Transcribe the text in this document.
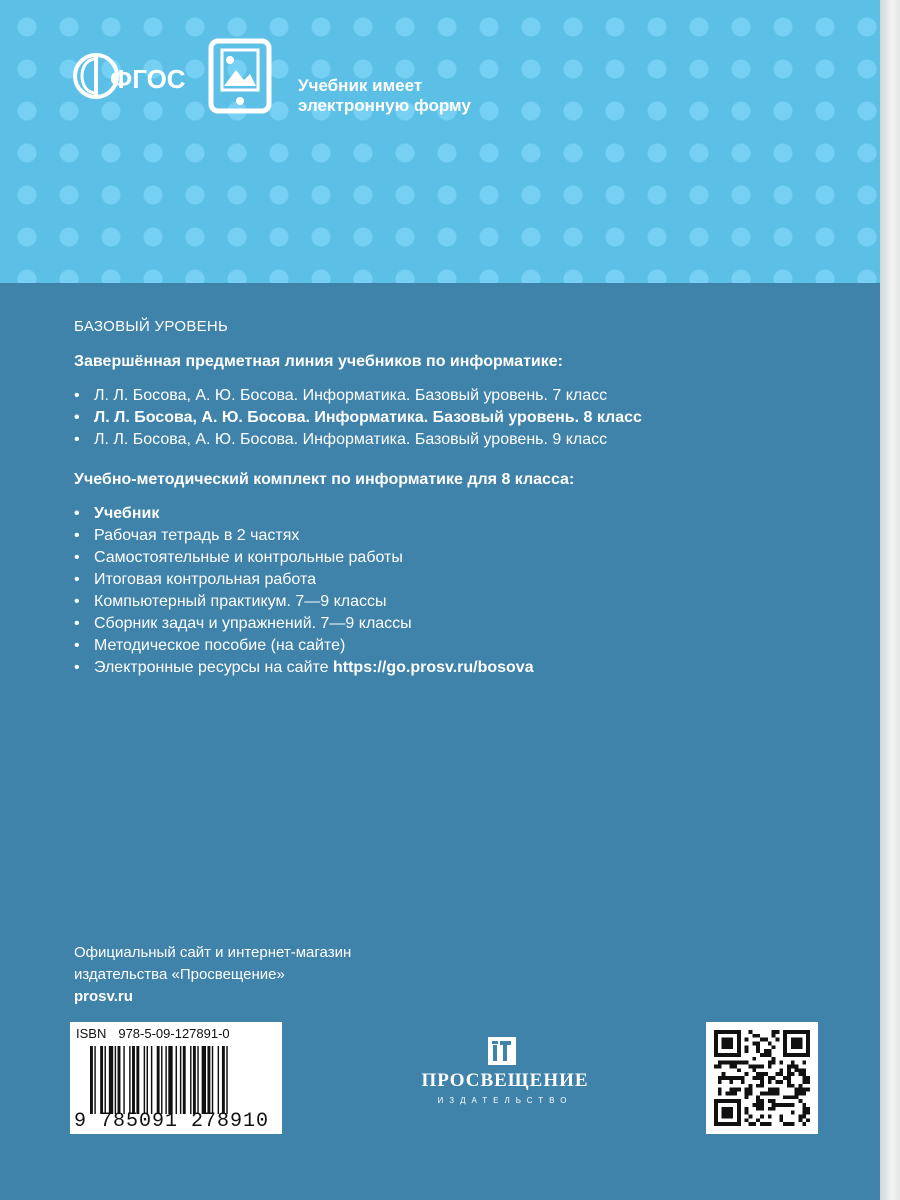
ФГОС	Учебник имеет
электронную форму
БАЗОВЫЙ УРОВЕНЬ
Завершённая предметная линия учебников по информатике:
• Л. Л. Босова, А. Ю. Босова. Информатика. Базовый уровень. 7 класс
• Л. Л. Босова, А. Ю. Босова. Информатика. Базовый уровень. 8 класс
• Л. Л. Босова, А. Ю. Босова. Информатика. Базовый уровень. 9 класс
Учебно-методический комплект по информатике для 8 класса:
• Учебник
• Рабочая тетрадь в 2 частях
• Самостоятельные и контрольные работы
• Итоговая контрольная работа
• Компьютерный практикум. 7—9 классы
• Сборник задач и упражнений. 7—9 классы
• Методическое пособие (на сайте)
• Электронные ресурсы на сайте https://go.prosv.ru/bosova
Официальный сайт и интернет-магазин
издательства «Просвещение»
prosv.ru
ISBN 978-5-09-127891-0
9 785091 278910
ПРОСВЕЩЕНИЕ
ИЗДАТЕЛЬСТВО
